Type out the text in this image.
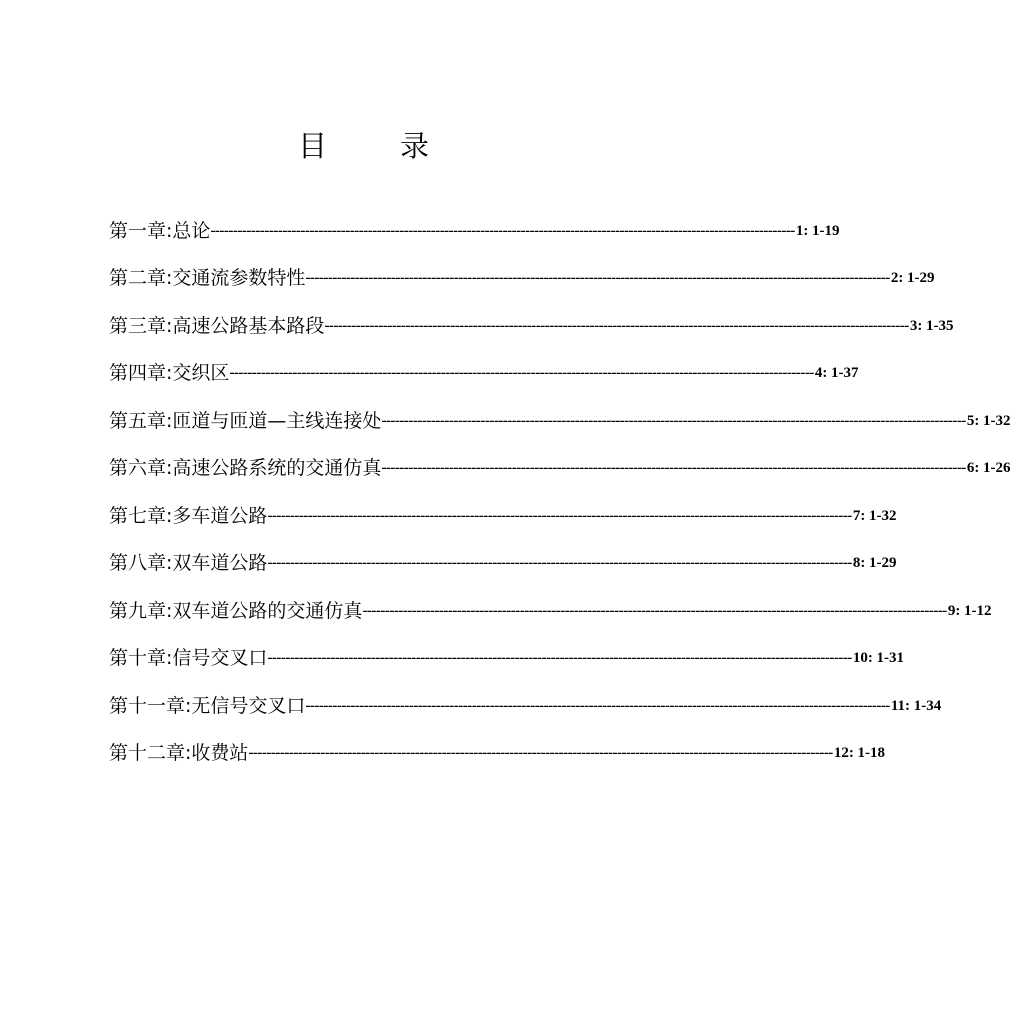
目	录
第一章 : 总论 ---------------------------------------------------------------------------------------------------------------------------------- 1: 1-19
第二章 : 交通流参数特性 ---------------------------------------------------------------------------------------------------------------------------------- 2: 1-29
第三章 : 高速公路基本路段 ---------------------------------------------------------------------------------------------------------------------------------- 3: 1-35
第四章 : 交织区 ---------------------------------------------------------------------------------------------------------------------------------- 4: 1-37
第五章 : 匝道与匝道—主线连接处 ---------------------------------------------------------------------------------------------------------------------------------- 5: 1-32
第六章 : 高速公路系统的交通仿真 ---------------------------------------------------------------------------------------------------------------------------------- 6: 1-26
第七章 : 多车道公路 ---------------------------------------------------------------------------------------------------------------------------------- 7: 1-32
第八章 : 双车道公路 ---------------------------------------------------------------------------------------------------------------------------------- 8: 1-29
第九章 : 双车道公路的交通仿真 ---------------------------------------------------------------------------------------------------------------------------------- 9: 1-12
第十章 : 信号交叉口 ---------------------------------------------------------------------------------------------------------------------------------- 10: 1-31
第十一章 : 无信号交叉口 ---------------------------------------------------------------------------------------------------------------------------------- 11: 1-34
第十二章 : 收费站 ---------------------------------------------------------------------------------------------------------------------------------- 12: 1-18
